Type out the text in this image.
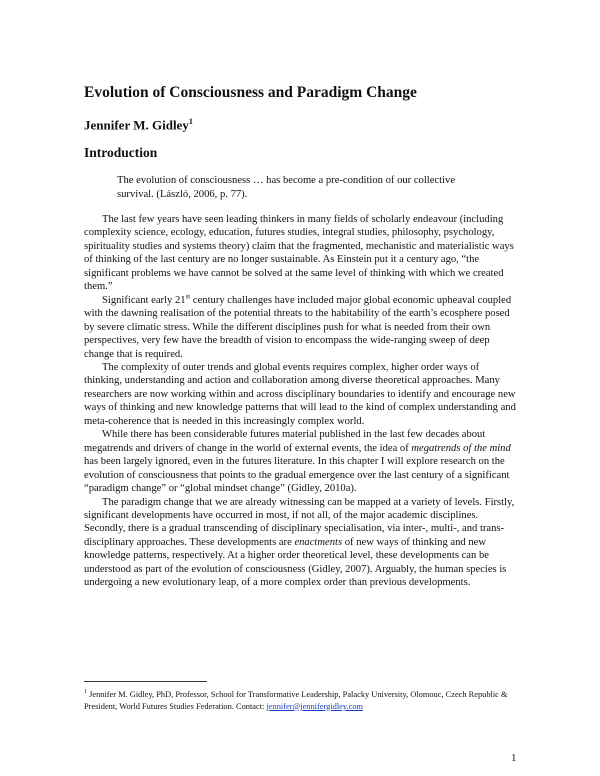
Evolution of Consciousness and Paradigm Change
Jennifer M. Gidley$^1$
Introduction
The evolution of consciousness … has become a pre-condition of our collective survival. (László, 2006, p. 77).

The last few years have seen leading thinkers in many fields of scholarly endeavour (including complexity science, ecology, education, futures studies, integral studies, philosophy, psychology, spirituality studies and systems theory) claim that the fragmented, mechanistic and materialistic ways of thinking of the last century are no longer sustainable. As Einstein put it a century ago, “the significant problems we have cannot be solved at the same level of thinking with which we created them.”

Significant early 21st century challenges have included major global economic upheaval coupled with the dawning realisation of the potential threats to the habitability of the earth’s ecosphere posed by severe climatic stress. While the different disciplines push for what is needed from their own perspectives, very few have the breadth of vision to encompass the wide-ranging sweep of deep change that is required.

The complexity of outer trends and global events requires complex, higher order ways of thinking, understanding and action and collaboration among diverse theoretical approaches. Many researchers are now working within and across disciplinary boundaries to identify and encourage new ways of thinking and new knowledge patterns that will lead to the kind of complex understanding and meta-coherence that is needed in this increasingly complex world.

While there has been considerable futures material published in the last few decades about megatrends and drivers of change in the world of external events, the idea of megatrends of the mind has been largely ignored, even in the futures literature. In this chapter I will explore research on the evolution of consciousness that points to the gradual emergence over the last century of a significant “paradigm change” or “global mindset change” (Gidley, 2010a).

The paradigm change that we are already witnessing can be mapped at a variety of levels. Firstly, significant developments have occurred in most, if not all, of the major academic disciplines. Secondly, there is a gradual transcending of disciplinary specialisation, via inter-, multi-, and trans-disciplinary approaches. These developments are enactments of new ways of thinking and new knowledge patterns, respectively. At a higher order theoretical level, these developments can be understood as part of the evolution of consciousness (Gidley, 2007). Arguably, the human species is undergoing a new evolutionary leap, of a more complex order than previous developments.

$^1$ Jennifer M. Gidley, PhD, Professor, School for Transformative Leadership, Palacky University, Olomouc, Czech Republic & President, World Futures Studies Federation. Contact: jennifer@jennifergidley.com
1
